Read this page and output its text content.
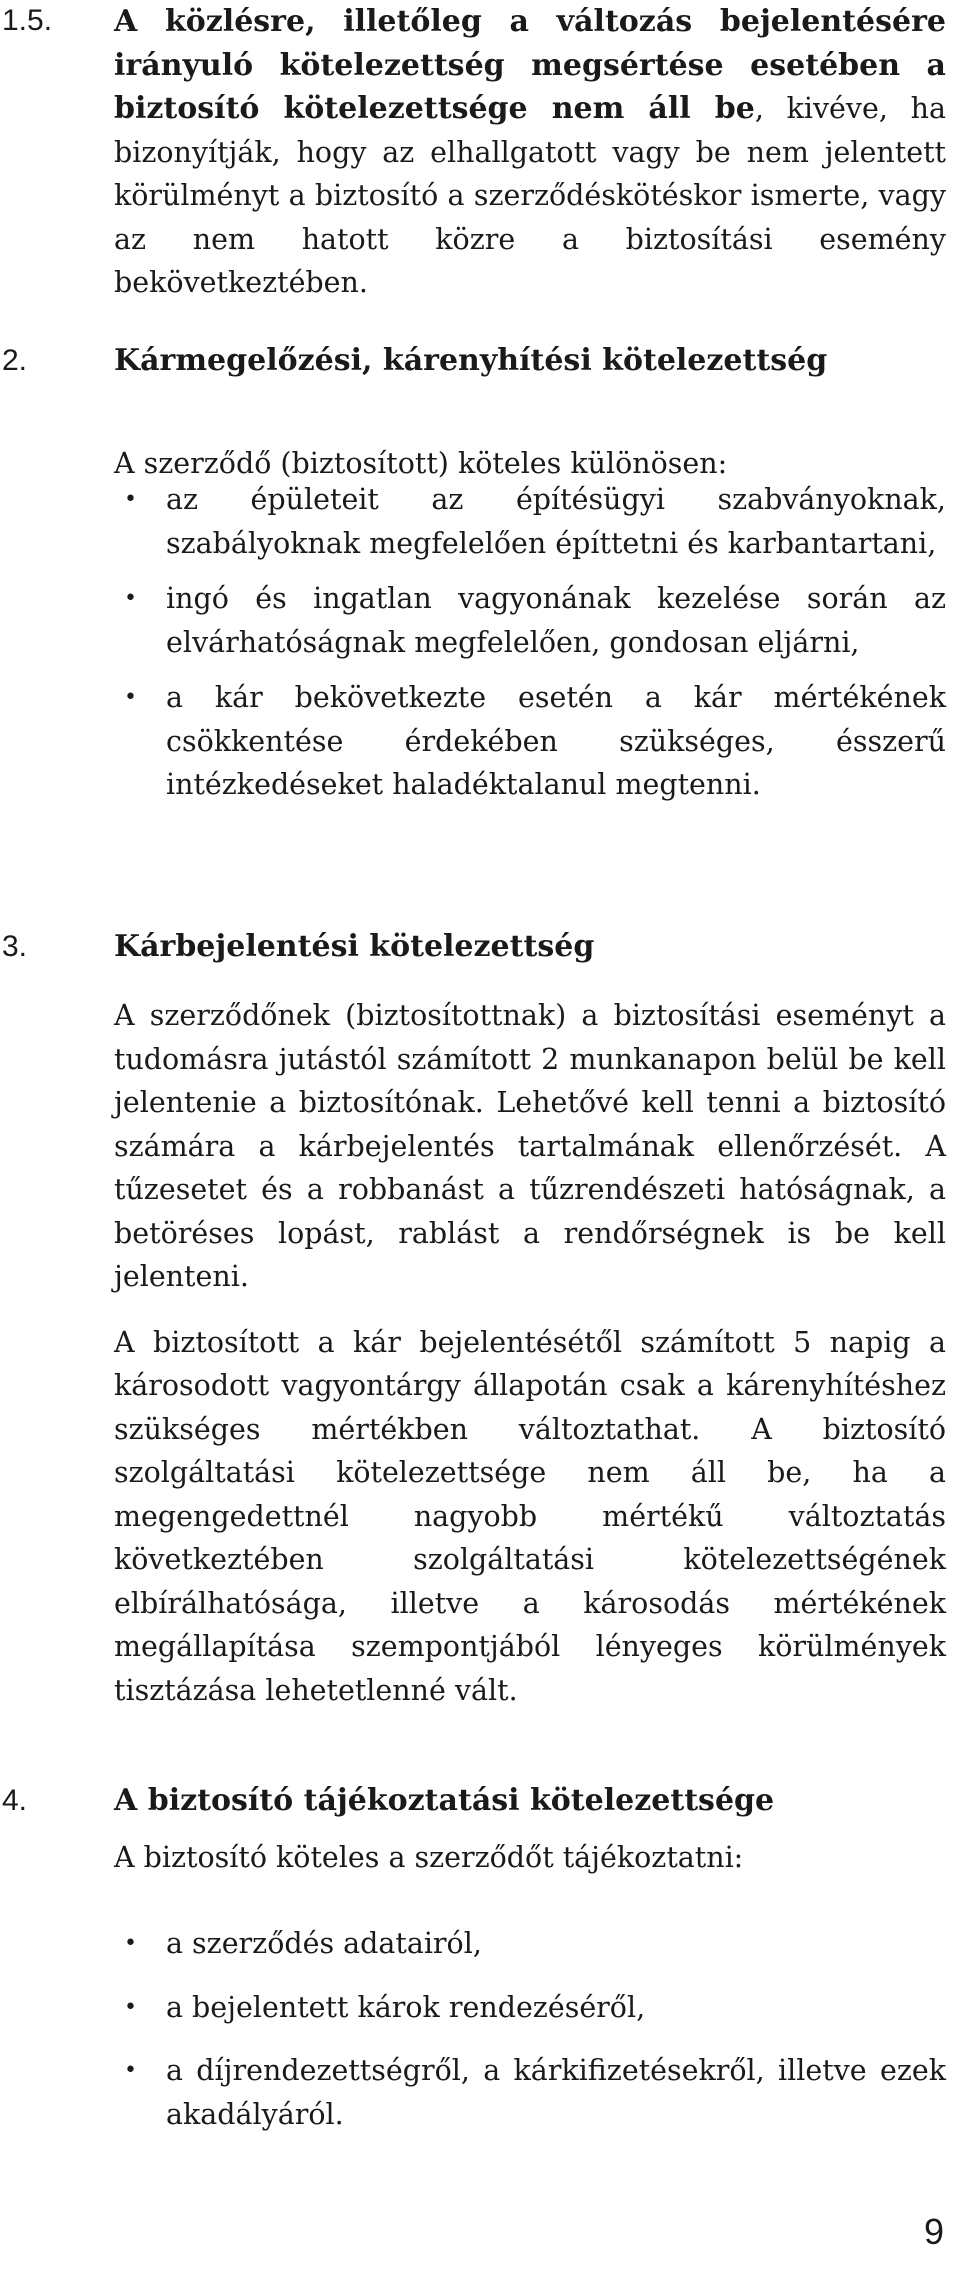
1.5. A közlésre, illetőleg a változás bejelentésére irányuló kötelezettség megsértése esetében a biztosító kötelezettsége nem áll be, kivéve, ha bizonyítják, hogy az elhallgatott vagy be nem jelentett körülményt a biztosító a szerződéskötéskor ismerte, vagy az nem hatott közre a biztosítási esemény bekövetkeztében.

2.	Kármegelőzési, kárenyhítési kötelezettség

A szerződő (biztosított) köteles különösen:

• az épületeit az építésügyi szabványoknak, szabályoknak megfelelően építtetni és karbantartani,
• ingó és ingatlan vagyonának kezelése során az elvárhatóságnak megfelelően, gondosan eljárni,
• a kár bekövetkezte esetén a kár mértékének csökkentése érdekében szükséges, ésszerű intézkedéseket haladéktalanul megtenni.
3.	Kárbejelentési kötelezettség

A szerződőnek (biztosítottnak) a biztosítási eseményt a tudomásra jutástól számított 2 munkanapon belül be kell jelentenie a biztosítónak. Lehetővé kell tenni a biztosító számára a kárbejelentés tartalmának ellenőrzését. A tűzesetet és a robbanást a tűzrendészeti hatóságnak, a betöréses lopást, rablást a rendőrségnek is be kell jelenteni.

A biztosított a kár bejelentésétől számított 5 napig a károsodott vagyontárgy állapotán csak a kárenyhítéshez szükséges mértékben változtathat. A biztosító szolgáltatási kötelezettsége nem áll be, ha a megengedettnél nagyobb mértékű változtatás következtében szolgáltatási kötelezettségének elbírálhatósága, illetve a károsodás mértékének megállapítása szempontjából lényeges körülmények tisztázása lehetetlenné vált.

4.	A biztosító tájékoztatási kötelezettsége

A biztosító köteles a szerződőt tájékoztatni:

• a szerződés adatairól,
• a bejelentett károk rendezéséről,
• a díjrendezettségről, a kárkifizetésekről, illetve ezek akadályáról.
9
